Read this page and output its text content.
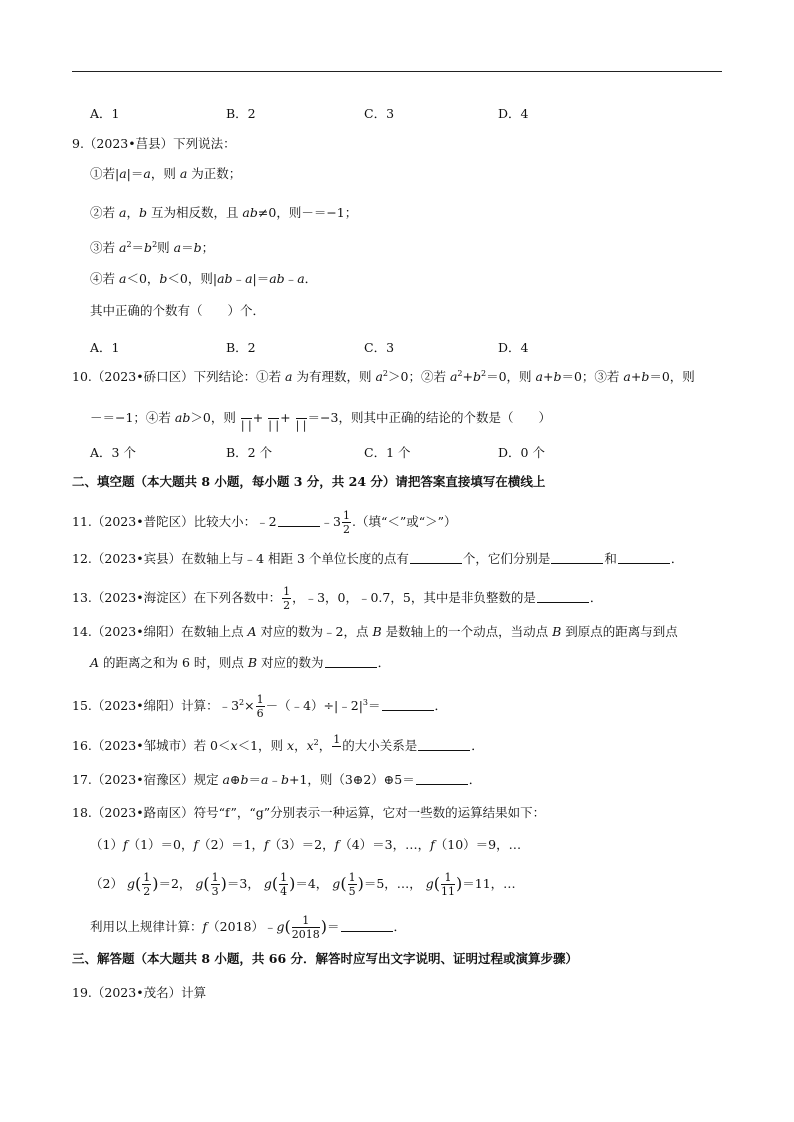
A．1	B．2	C．3	D．4
9.（2023•莒县）下列说法：
①若|a|＝a，则 a 为正数；
②若 a，b 互为相反数，且 ab≠0，则－＝−1；
③若 $a^2=b^2$则 a＝b；
④若 a＜0，b＜0，则|ab﹣a|＝ab﹣a．
其中正确的个数有（　　）个．
A．1	B．2	C．3	D．4
10.（2023•硚口区）下列结论：①若 a 为有理数，则 $a^2>0$；②若 $a^2+b^2=0$，则 a+b＝0；③若 a+b＝0，则
－＝−1；④若 ab＞0，则
| |
+
| |
+
| |
＝−3，则其中正确的结论的个数是（　　）
A．3 个	B．2 个	C．1 个	D．0 个
二、填空题（本大题共 8 小题，每小题 3 分，共 24 分）请把答案直接填写在横线上
11.（2023•普陀区）比较大小：﹣2	﹣3 $\frac{1}{2}$ .（填“＜”或“＞”）
12.（2023•宾县）在数轴上与﹣4 相距 3 个单位长度的点有	个，它们分别是	和	．
13.（2023•海淀区）在下列各数中： $\frac{1}{2}$ ，﹣3，0，﹣0.7，5，其中是非负整数的是	．
14.（2023•绵阳）在数轴上点 A 对应的数为﹣2，点 B 是数轴上的一个动点，当动点 B 到原点的距离与到点
A 的距离之和为 6 时，则点 B 对应的数为	．
15.（2023•绵阳）计算：$﹣3^2\times \frac{1}{6}$ $-(﹣4)\div|﹣2|^3=$	．
16.（2023•邹城市）若 0＜x＜1，则 x，$x^2$， 1 的大小关系是	．
17.（2023•宿豫区）规定 a⊕b＝a﹣b+1，则（3⊕2）⊕5＝	．
18.（2023•路南区）符号“f”，“g”分别表示一种运算，它对一些数的运算结果如下：
（1）f（1）＝0，f（2）＝1，f（3）＝2，f（4）＝3，…，f（10）＝9，…
（2） $g( \frac{1}{2} )=2$， $g( \frac{1}{3} )=3$， $g( \frac{1}{4} )=4$， $g( \frac{1}{5} )=5$，…， $g( \frac{1}{11} )=11$，…
利用以上规律计算：f（2018）﹣g( $\frac{1}{2018}$ )＝	．
三、解答题（本大题共 8 小题，共 66 分．解答时应写出文字说明、证明过程或演算步骤）
19.（2023•茂名）计算
